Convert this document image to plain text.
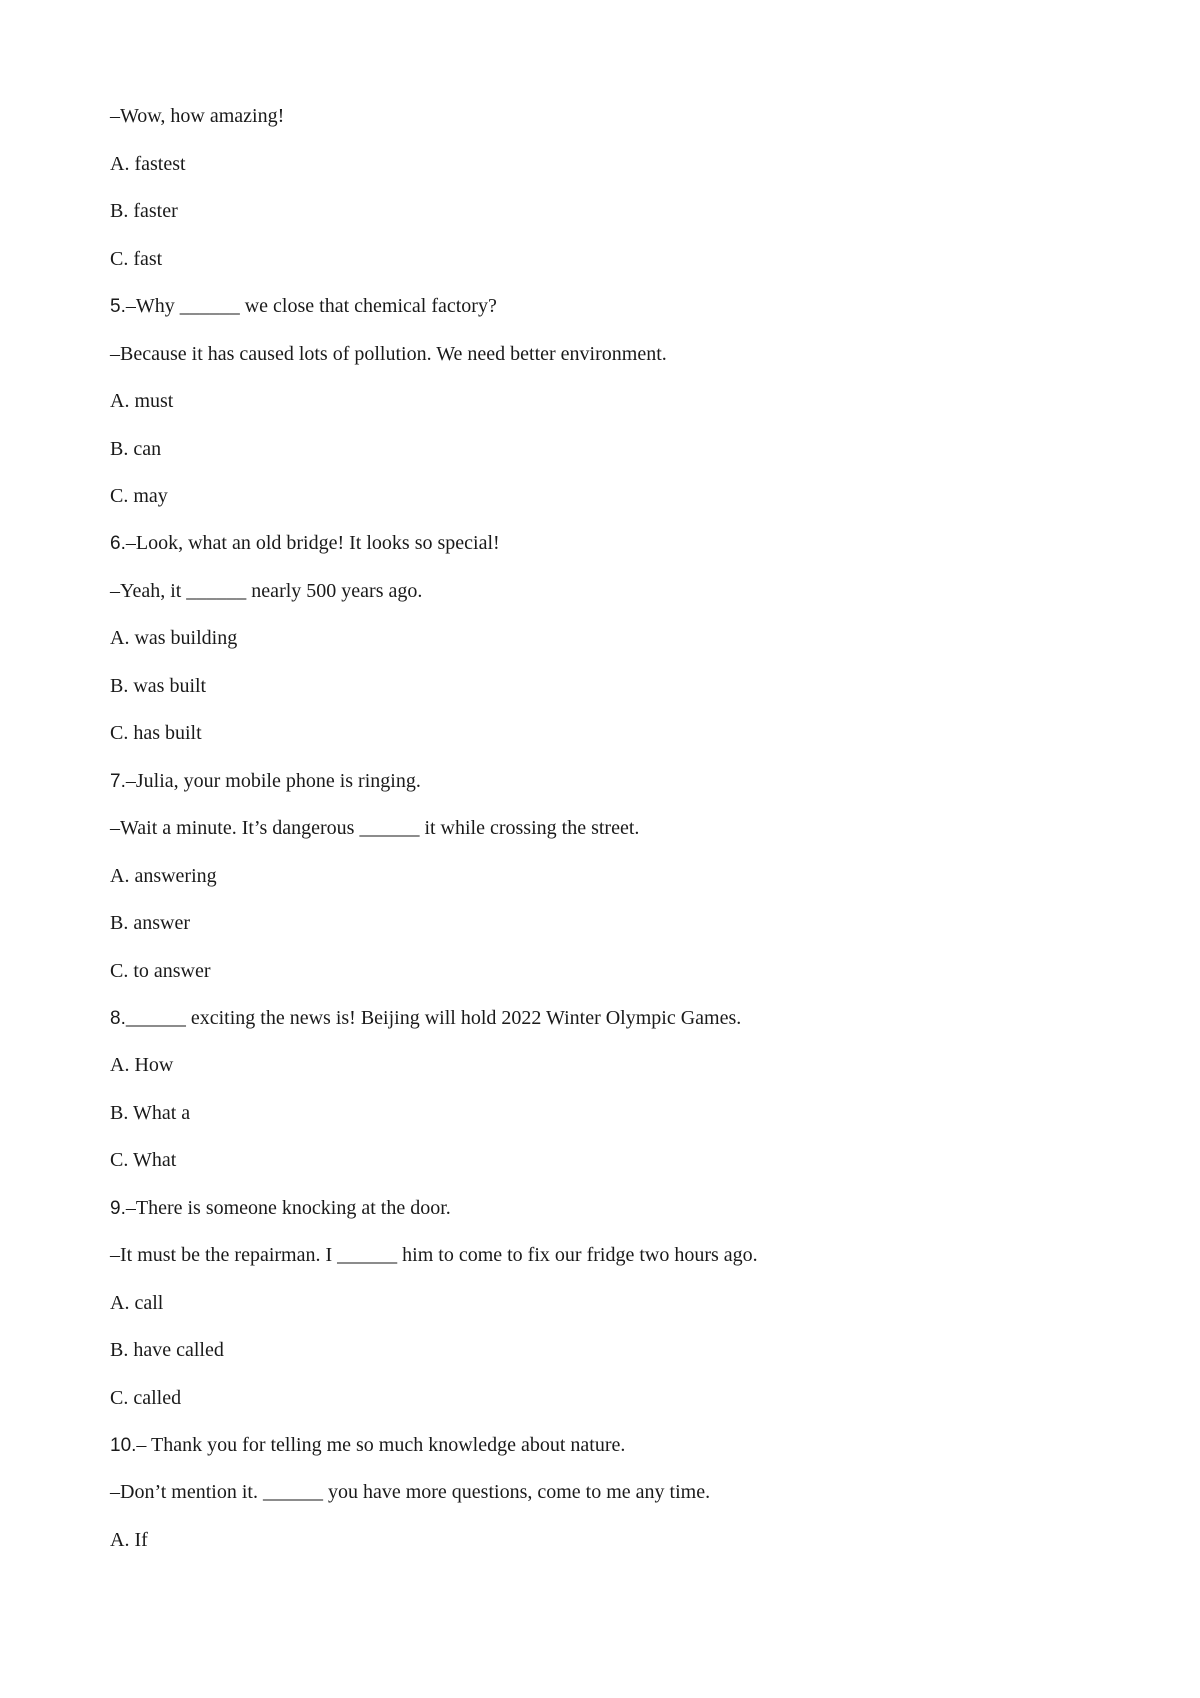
–Wow, how amazing!
A. fastest
B. faster
C. fast
5.–Why ______ we close that chemical factory?
–Because it has caused lots of pollution. We need better environment.
A. must
B. can
C. may
6.–Look, what an old bridge! It looks so special!
–Yeah, it ______ nearly 500 years ago.
A. was building
B. was built
C. has built
7.–Julia, your mobile phone is ringing.
–Wait a minute. It’s dangerous ______ it while crossing the street.
A. answering
B. answer
C. to answer
8.______ exciting the news is! Beijing will hold 2022 Winter Olympic Games.
A. How
B. What a
C. What
9.–There is someone knocking at the door.
–It must be the repairman. I ______ him to come to fix our fridge two hours ago.
A. call
B. have called
C. called
10.– Thank you for telling me so much knowledge about nature.
–Don’t mention it. ______ you have more questions, come to me any time.
A. If
